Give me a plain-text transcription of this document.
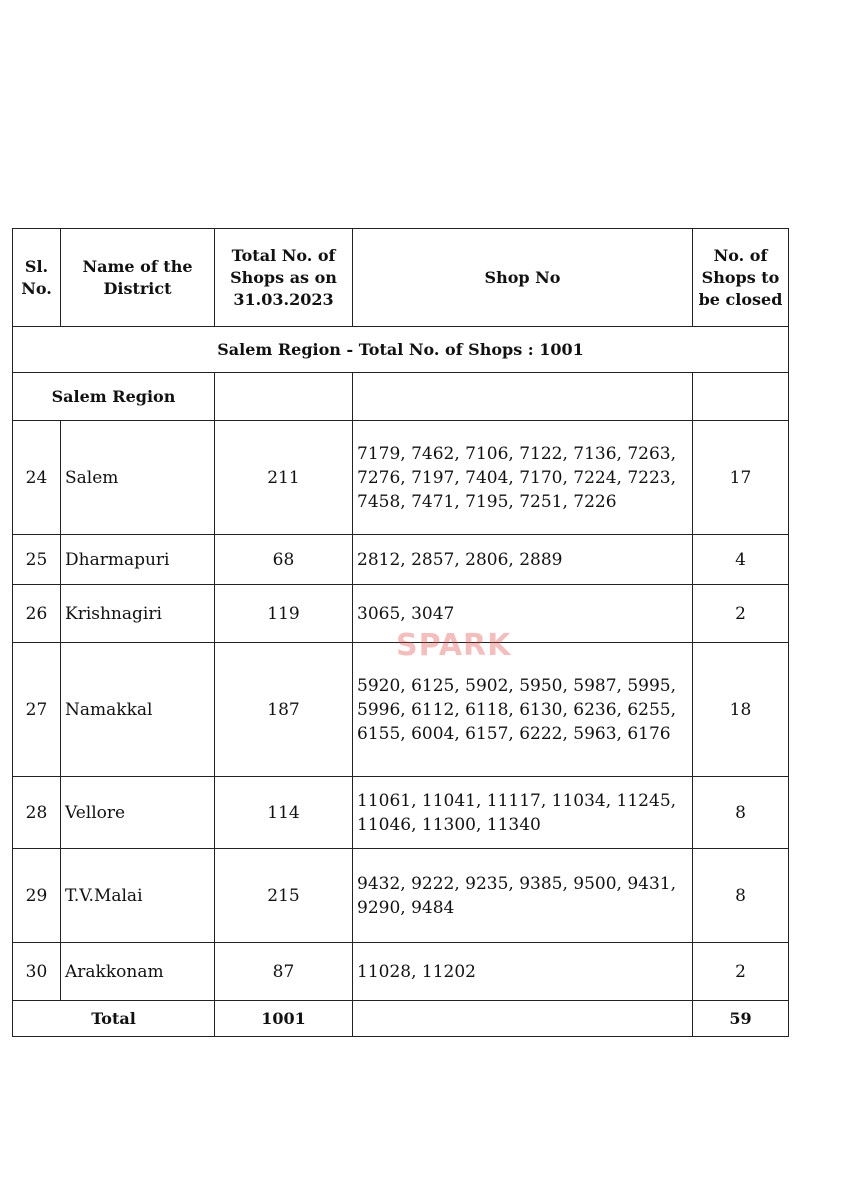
Sl. No.	Name of the District	Total No. of Shops as on 31.03.2023	Shop No	No. of Shops to be closed
Salem Region - Total No. of Shops : 1001				
Salem Region				
24	Salem	211	7179, 7462, 7106, 7122, 7136, 7263, 7276, 7197, 7404, 7170, 7224, 7223, 7458, 7471, 7195, 7251, 7226	17
25	Dharmapuri	68	2812, 2857, 2806, 2889	4
26	Krishnagiri	119	3065, 3047	2
27	Namakkal	187	5920, 6125, 5902, 5950, 5987, 5995, 5996, 6112, 6118, 6130, 6236, 6255, 6155, 6004, 6157, 6222, 5963, 6176	18
28	Vellore	114	11061, 11041, 11117, 11034, 11245, 11046, 11300, 11340	8
29	T.V.Malai	215	9432, 9222, 9235, 9385, 9500, 9431, 9290, 9484	8
30	Arakkonam	87	11028, 11202	2
Total		1001		59
SPARK
